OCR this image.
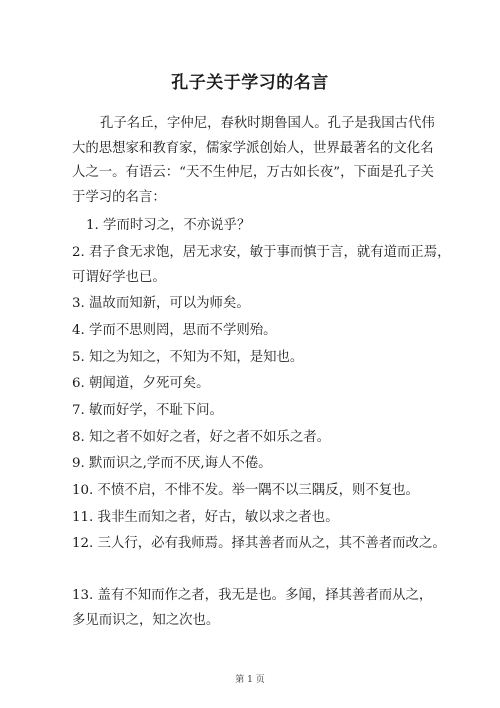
孔子关于学习的名言
孔子名丘，字仲尼，春秋时期鲁国人。孔子是我国古代伟
大的思想家和教育家，儒家学派创始人，世界最著名的文化名
人之一。有语云：“天不生仲尼，万古如长夜”，下面是孔子关
于学习的名言：
1. 学而时习之，不亦说乎？
2. 君子食无求饱，居无求安，敏于事而慎于言，就有道而正焉，
可谓好学也已。
3. 温故而知新，可以为师矣。
4. 学而不思则罔，思而不学则殆。
5. 知之为知之，不知为不知，是知也。
6. 朝闻道，夕死可矣。
7. 敏而好学，不耻下问。
8. 知之者不如好之者，好之者不如乐之者。
9. 默而识之,学而不厌,诲人不倦。
10. 不愤不启，不悱不发。举一隅不以三隅反，则不复也。
11. 我非生而知之者，好古，敏以求之者也。
12. 三人行，必有我师焉。择其善者而从之，其不善者而改之。
13. 盖有不知而作之者，我无是也。多闻，择其善者而从之，
多见而识之，知之次也。
第 1 页
